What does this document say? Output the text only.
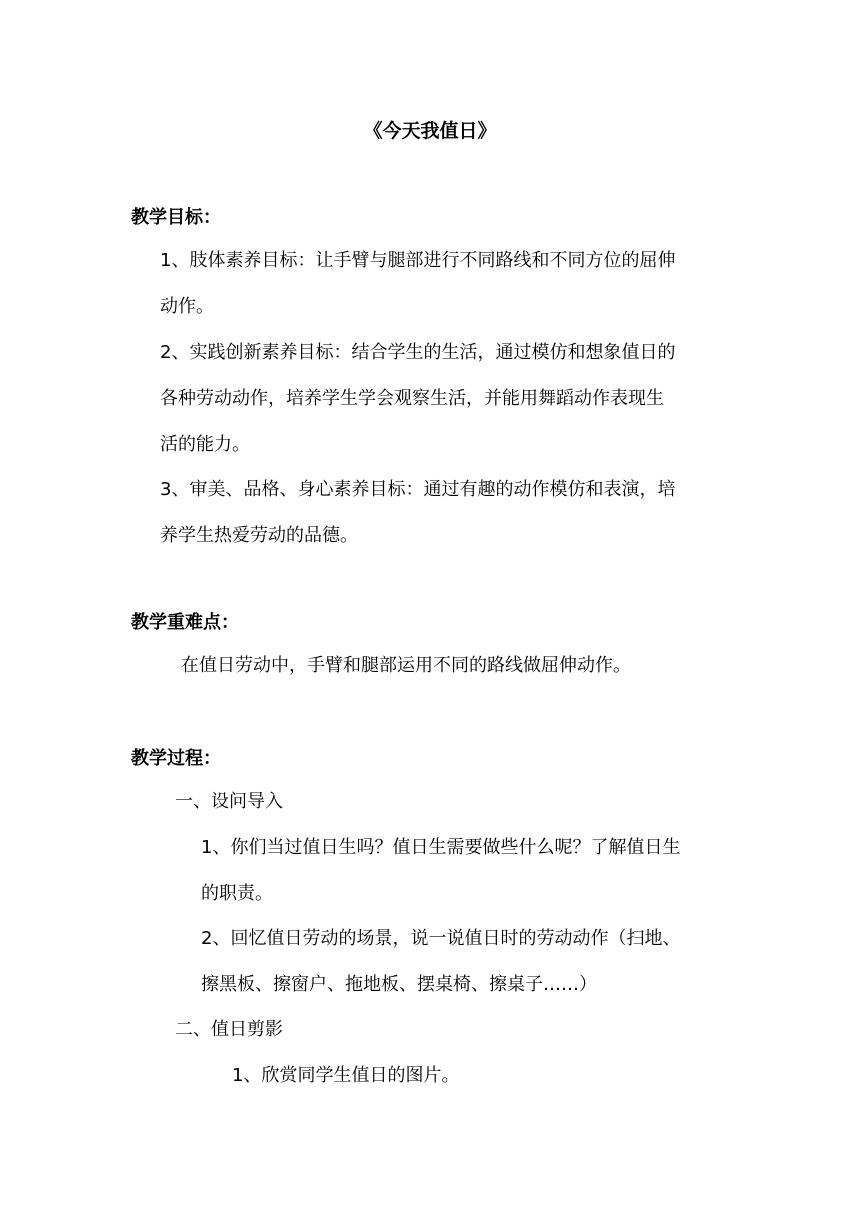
《今天我值日》
教学目标：
1、肢体素养目标：让手臂与腿部进行不同路线和不同方位的屈伸
动作。
2、实践创新素养目标：结合学生的生活，通过模仿和想象值日的
各种劳动动作，培养学生学会观察生活，并能用舞蹈动作表现生
活的能力。
3、审美、品格、身心素养目标：通过有趣的动作模仿和表演，培
养学生热爱劳动的品德。
教学重难点：
在值日劳动中，手臂和腿部运用不同的路线做屈伸动作。
教学过程：
一、设问导入
1、你们当过值日生吗？值日生需要做些什么呢？了解值日生
的职责。
2、回忆值日劳动的场景，说一说值日时的劳动动作（扫地、
擦黑板、擦窗户、拖地板、摆桌椅、擦桌子……）
二、值日剪影
1、欣赏同学生值日的图片。
